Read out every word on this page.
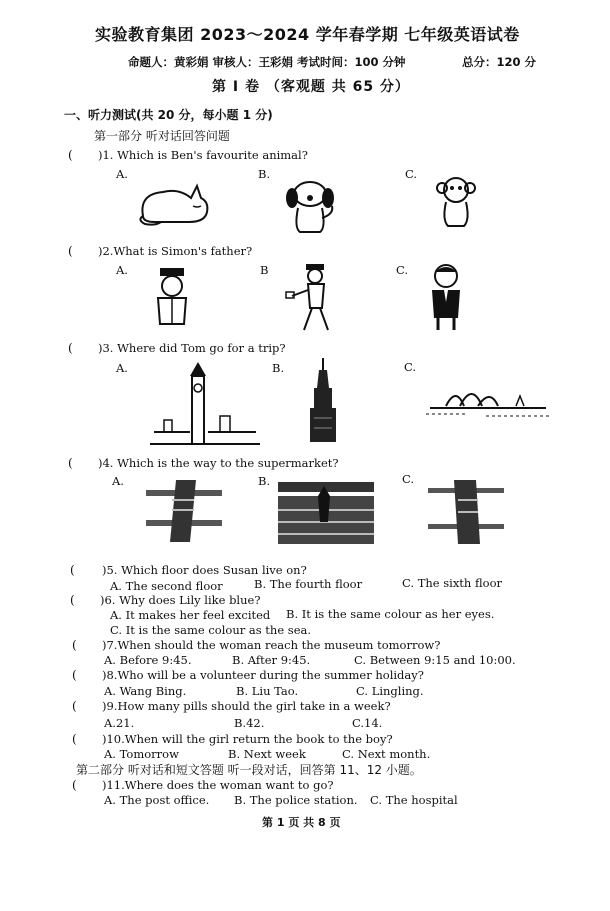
实验教育集团 2023～2024 学年春学期 七年级英语试卷
命题人：黄彩娟 审核人：王彩娟 考试时间：100 分钟	总分：120 分
第 Ⅰ 卷 （客观题 共 65 分）
一、听力测试(共 20 分，每小题 1 分)
第一部分 听对话回答问题
( )1. Which is Ben's favourite animal?
A.	B.	C.
( )2.What is Simon's father?
A.	B	C.
( )3. Where did Tom go for a trip?
A.	B.	C.
( )4. Which is the way to the supermarket?
A.	B.	C.
( )5. Which floor does Susan live on?
A. The second floor	B. The fourth floor	C. The sixth floor
( )6. Why does Lily like blue?
A. It makes her feel excited B. It is the same colour as her eyes.
C. It is the same colour as the sea.
( )7.When should the woman reach the museum tomorrow?
A. Before 9:45.	B. After 9:45.	C. Between 9:15 and 10:00.
( )8.Who will be a volunteer during the summer holiday?
A. Wang Bing.	B. Liu Tao.	C. Lingling.
( )9.How many pills should the girl take in a week?
A.21.	B.42.	C.14.
( )10.When will the girl return the book to the boy?
A. Tomorrow	B. Next week	C. Next month.
第二部分 听对话和短文答题 听一段对话，回答第 11、12 小题。
( )11.Where does the woman want to go?
A. The post office. B. The police station. C. The hospital
第 1 页 共 8 页
